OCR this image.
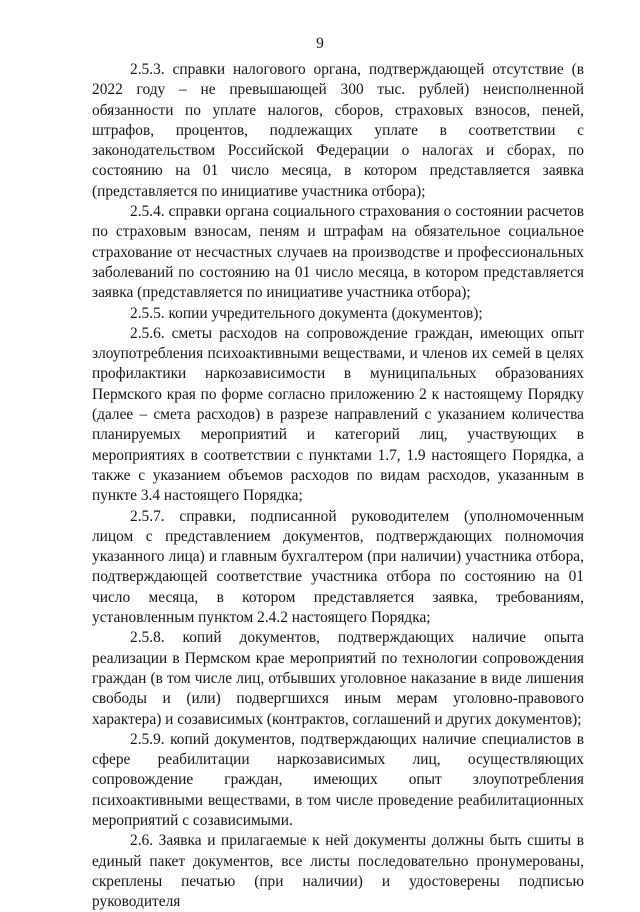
9

2.5.3. справки налогового органа, подтверждающей отсутствие (в 2022 году – не превышающей 300 тыс. рублей) неисполненной обязанности по уплате налогов, сборов, страховых взносов, пеней, штрафов, процентов, подлежащих уплате в соответствии с законодательством Российской Федерации о налогах и сборах, по состоянию на 01 число месяца, в котором представляется заявка (представляется по инициативе участника отбора);

2.5.4. справки органа социального страхования о состоянии расчетов по страховым взносам, пеням и штрафам на обязательное социальное страхование от несчастных случаев на производстве и профессиональных заболеваний по состоянию на 01 число месяца, в котором представляется заявка (представляется по инициативе участника отбора);

2.5.5. копии учредительного документа (документов);

2.5.6. сметы расходов на сопровождение граждан, имеющих опыт злоупотребления психоактивными веществами, и членов их семей в целях профилактики наркозависимости в муниципальных образованиях Пермского края по форме согласно приложению 2 к настоящему Порядку (далее – смета расходов) в разрезе направлений с указанием количества планируемых мероприятий и категорий лиц, участвующих в мероприятиях в соответствии с пунктами 1.7, 1.9 настоящего Порядка, а также с указанием объемов расходов по видам расходов, указанным в пункте 3.4 настоящего Порядка;

2.5.7. справки, подписанной руководителем (уполномоченным лицом с представлением документов, подтверждающих полномочия указанного лица) и главным бухгалтером (при наличии) участника отбора, подтверждающей соответствие участника отбора по состоянию на 01 число месяца, в котором представляется заявка, требованиям, установленным пунктом 2.4.2 настоящего Порядка;

2.5.8. копий документов, подтверждающих наличие опыта реализации в Пермском крае мероприятий по технологии сопровождения граждан (в том числе лиц, отбывших уголовное наказание в виде лишения свободы и (или) подвергшихся иным мерам уголовно-правового характера) и созависимых (контрактов, соглашений и других документов);

2.5.9. копий документов, подтверждающих наличие специалистов в сфере реабилитации наркозависимых лиц, осуществляющих сопровождение граждан, имеющих опыт злоупотребления психоактивными веществами, в том числе проведение реабилитационных мероприятий с созависимыми.

2.6. Заявка и прилагаемые к ней документы должны быть сшиты в единый пакет документов, все листы последовательно пронумерованы, скреплены печатью (при наличии) и удостоверены подписью руководителя
